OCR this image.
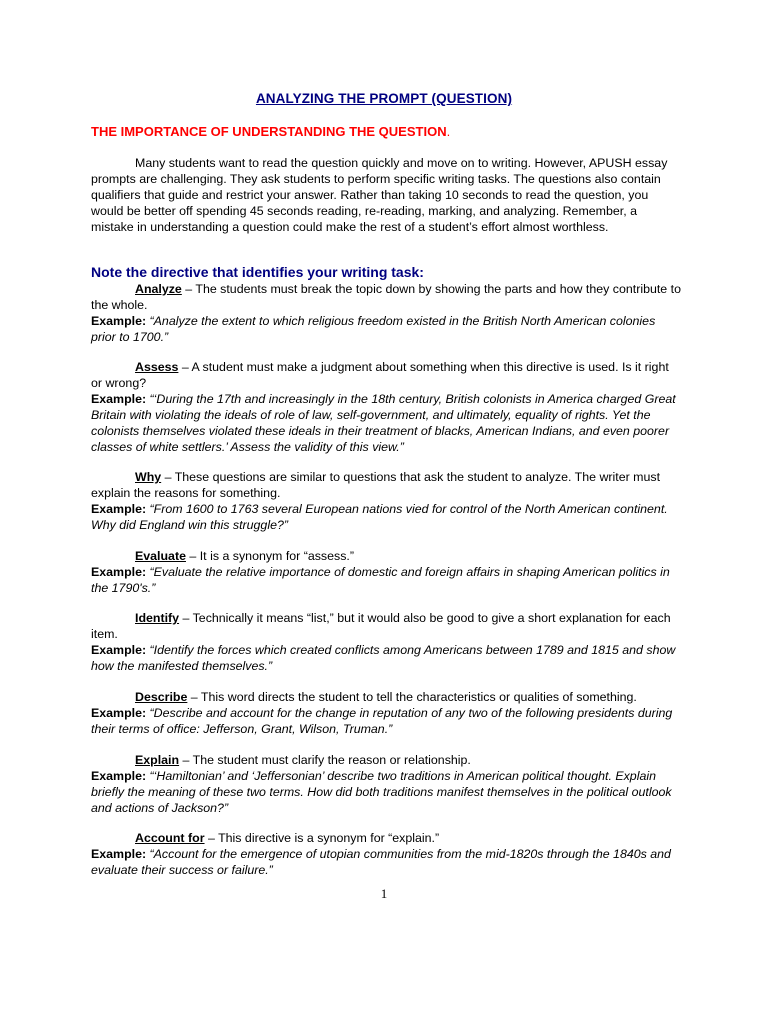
ANALYZING THE PROMPT (QUESTION)
THE IMPORTANCE OF UNDERSTANDING THE QUESTION.

Many students want to read the question quickly and move on to writing. However, APUSH essay prompts are challenging. They ask students to perform specific writing tasks. The questions also contain qualifiers that guide and restrict your answer. Rather than taking 10 seconds to read the question, you would be better off spending 45 seconds reading, re-reading, marking, and analyzing. Remember, a mistake in understanding a question could make the rest of a student’s effort almost worthless.

Note the directive that identifies your writing task:

Analyze – The students must break the topic down by showing the parts and how they contribute to the whole.

Example: “Analyze the extent to which religious freedom existed in the British North American colonies prior to 1700.”

Assess – A student must make a judgment about something when this directive is used. Is it right or wrong?

Example: “‘During the 17th and increasingly in the 18th century, British colonists in America charged Great Britain with violating the ideals of role of law, self-government, and ultimately, equality of rights. Yet the colonists themselves violated these ideals in their treatment of blacks, American Indians, and even poorer classes of white settlers.’ Assess the validity of this view.”

Why – These questions are similar to questions that ask the student to analyze. The writer must explain the reasons for something.

Example: “From 1600 to 1763 several European nations vied for control of the North American continent. Why did England win this struggle?”

Evaluate – It is a synonym for “assess.”

Example: “Evaluate the relative importance of domestic and foreign affairs in shaping American politics in the 1790's.”

Identify – Technically it means “list,” but it would also be good to give a short explanation for each item.

Example: “Identify the forces which created conflicts among Americans between 1789 and 1815 and show how the manifested themselves.”

Describe – This word directs the student to tell the characteristics or qualities of something.

Example: “Describe and account for the change in reputation of any two of the following presidents during their terms of office: Jefferson, Grant, Wilson, Truman.”

Explain – The student must clarify the reason or relationship.

Example: “‘Hamiltonian’ and ‘Jeffersonian’ describe two traditions in American political thought. Explain briefly the meaning of these two terms. How did both traditions manifest themselves in the political outlook and actions of Jackson?”

Account for – This directive is a synonym for “explain.”

Example: “Account for the emergence of utopian communities from the mid-1820s through the 1840s and evaluate their success or failure.”

1
